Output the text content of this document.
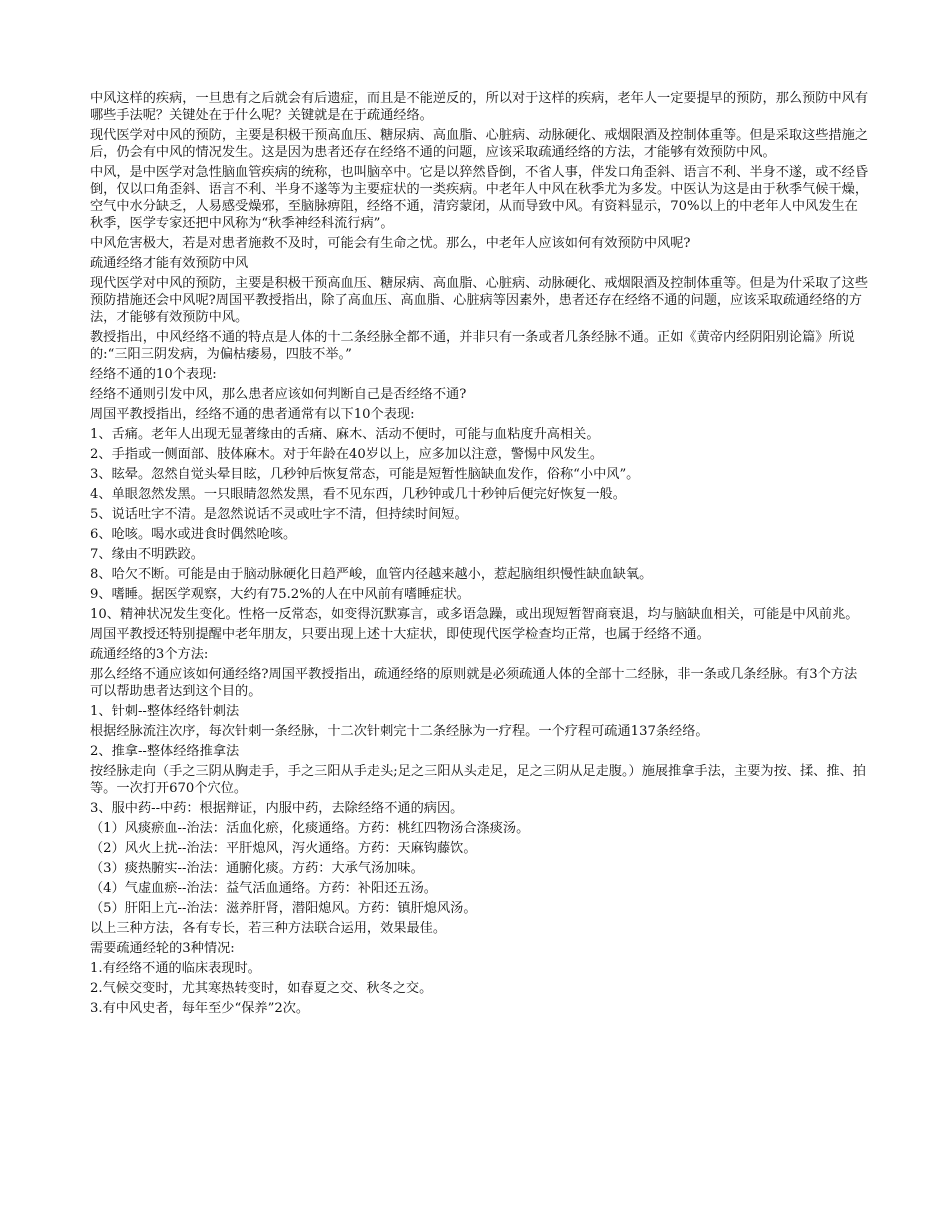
中风这样的疾病，一旦患有之后就会有后遗症，而且是不能逆反的，所以对于这样的疾病，老年人一定要提早的预防，那么预防中风有哪些手法呢？关键处在于什么呢？关键就是在于疏通经络。

现代医学对中风的预防，主要是积极干预高血压、糖尿病、高血脂、心脏病、动脉硬化、戒烟限酒及控制体重等。但是采取这些措施之后，仍会有中风的情况发生。这是因为患者还存在经络不通的问题，应该采取疏通经络的方法，才能够有效预防中风。

中风，是中医学对急性脑血管疾病的统称，也叫脑卒中。它是以猝然昏倒，不省人事，伴发口角歪斜、语言不利、半身不遂，或不经昏倒，仅以口角歪斜、语言不利、半身不遂等为主要症状的一类疾病。中老年人中风在秋季尤为多发。中医认为这是由于秋季气候干燥，空气中水分缺乏，人易感受燥邪，至脑脉痹阻，经络不通，清窍蒙闭，从而导致中风。有资料显示，70%以上的中老年人中风发生在秋季，医学专家还把中风称为“秋季神经科流行病”。

中风危害极大，若是对患者施救不及时，可能会有生命之忧。那么，中老年人应该如何有效预防中风呢?

疏通经络才能有效预防中风

现代医学对中风的预防，主要是积极干预高血压、糖尿病、高血脂、心脏病、动脉硬化、戒烟限酒及控制体重等。但是为什采取了这些预防措施还会中风呢?周国平教授指出，除了高血压、高血脂、心脏病等因素外，患者还存在经络不通的问题，应该采取疏通经络的方法，才能够有效预防中风。

教授指出，中风经络不通的特点是人体的十二条经脉全都不通，并非只有一条或者几条经脉不通。正如《黄帝内经阴阳别论篇》所说的:“三阳三阴发病，为偏枯痿易，四肢不举。”

经络不通的10个表现:

经络不通则引发中风，那么患者应该如何判断自己是否经络不通?

周国平教授指出，经络不通的患者通常有以下10个表现:

1、舌痛。老年人出现无显著缘由的舌痛、麻木、活动不便时，可能与血粘度升高相关。

2、手指或一侧面部、肢体麻木。对于年龄在40岁以上，应多加以注意，警惕中风发生。

3、眩晕。忽然自觉头晕目眩，几秒钟后恢复常态，可能是短暂性脑缺血发作，俗称“小中风”。

4、单眼忽然发黑。一只眼睛忽然发黑，看不见东西，几秒钟或几十秒钟后便完好恢复一般。

5、说话吐字不清。是忽然说话不灵或吐字不清，但持续时间短。

6、呛咳。喝水或进食时偶然呛咳。

7、缘由不明跌跤。

8、哈欠不断。可能是由于脑动脉硬化日趋严峻，血管内径越来越小，惹起脑组织慢性缺血缺氧。

9、嗜睡。据医学观察，大约有75.2%的人在中风前有嗜睡症状。

10、精神状况发生变化。性格一反常态，如变得沉默寡言，或多语急躁，或出现短暂智商衰退，均与脑缺血相关，可能是中风前兆。

周国平教授还特别提醒中老年朋友，只要出现上述十大症状，即使现代医学检查均正常，也属于经络不通。

疏通经络的3个方法:

那么经络不通应该如何通经络?周国平教授指出，疏通经络的原则就是必须疏通人体的全部十二经脉，非一条或几条经脉。有3个方法可以帮助患者达到这个目的。

1、针刺--整体经络针刺法

根据经脉流注次序，每次针刺一条经脉，十二次针刺完十二条经脉为一疗程。一个疗程可疏通137条经络。

2、推拿--整体经络推拿法

按经脉走向（手之三阴从胸走手，手之三阳从手走头;足之三阳从头走足，足之三阴从足走腹。）施展推拿手法，主要为按、揉、推、拍等。一次打开670个穴位。

3、服中药--中药：根据辩证，内服中药，去除经络不通的病因。

（1）风痰瘀血--治法：活血化瘀，化痰通络。方药：桃红四物汤合涤痰汤。

（2）风火上扰--治法：平肝熄风，泻火通络。方药：天麻钩藤饮。

（3）痰热腑实--治法：通腑化痰。方药：大承气汤加味。

（4）气虚血瘀--治法：益气活血通络。方药：补阳还五汤。

（5）肝阳上亢--治法：滋养肝肾，潜阳熄风。方药：镇肝熄风汤。

以上三种方法，各有专长，若三种方法联合运用，效果最佳。

需要疏通经轮的3种情况:

1.有经络不通的临床表现时。

2.气候交变时，尤其寒热转变时，如春夏之交、秋冬之交。

3.有中风史者，每年至少“保养”2次。
